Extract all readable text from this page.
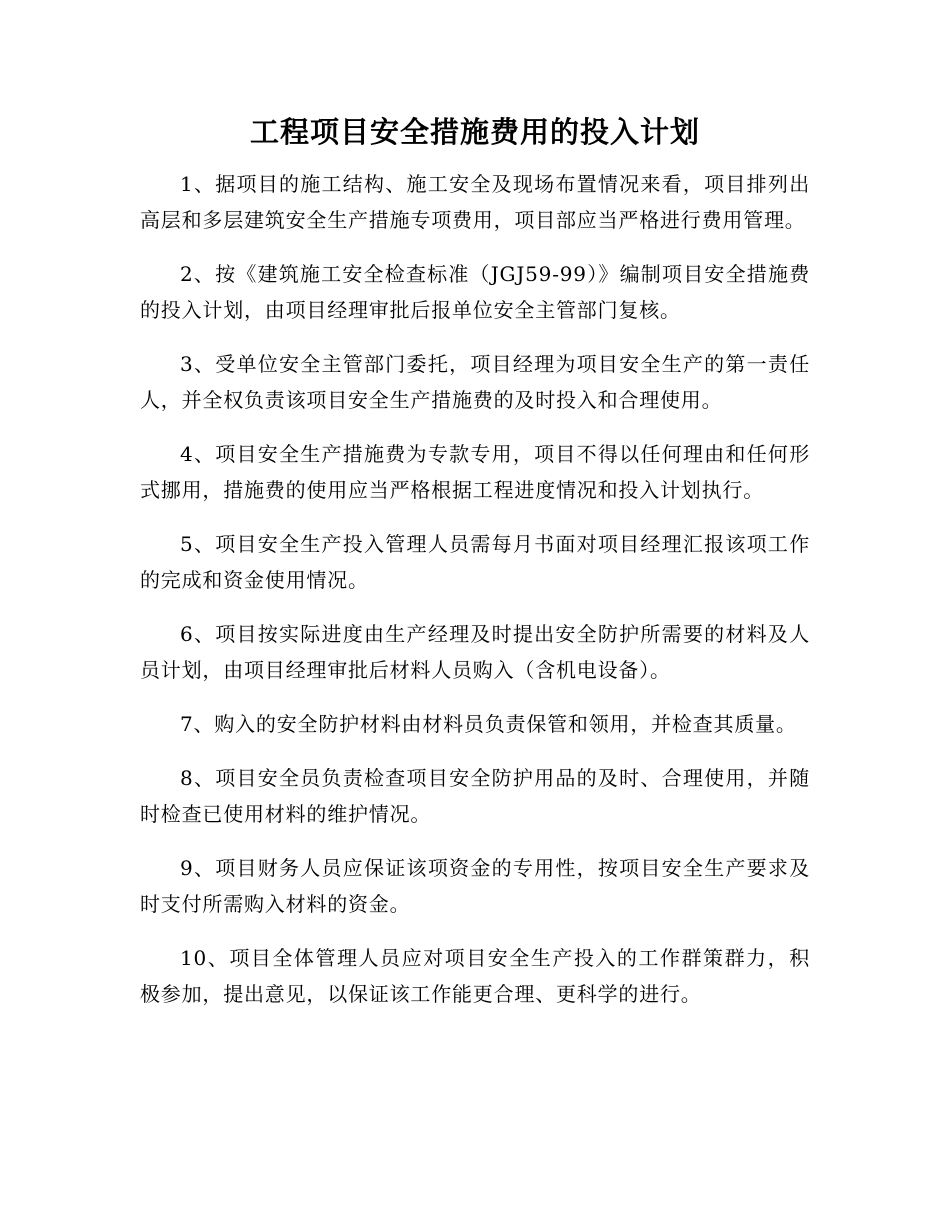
工程项目安全措施费用的投入计划

1、据项目的施工结构、施工安全及现场布置情况来看，项目排列出高层和多层建筑安全生产措施专项费用，项目部应当严格进行费用管理。

2、按《建筑施工安全检查标准（JGJ59-99）》编制项目安全措施费的投入计划，由项目经理审批后报单位安全主管部门复核。

3、受单位安全主管部门委托，项目经理为项目安全生产的第一责任人，并全权负责该项目安全生产措施费的及时投入和合理使用。

4、项目安全生产措施费为专款专用，项目不得以任何理由和任何形式挪用，措施费的使用应当严格根据工程进度情况和投入计划执行。

5、项目安全生产投入管理人员需每月书面对项目经理汇报该项工作的完成和资金使用情况。

6、项目按实际进度由生产经理及时提出安全防护所需要的材料及人员计划，由项目经理审批后材料人员购入（含机电设备）。

7、购入的安全防护材料由材料员负责保管和领用，并检查其质量。

8、项目安全员负责检查项目安全防护用品的及时、合理使用，并随时检查已使用材料的维护情况。

9、项目财务人员应保证该项资金的专用性，按项目安全生产要求及时支付所需购入材料的资金。

10、项目全体管理人员应对项目安全生产投入的工作群策群力，积极参加，提出意见，以保证该工作能更合理、更科学的进行。
